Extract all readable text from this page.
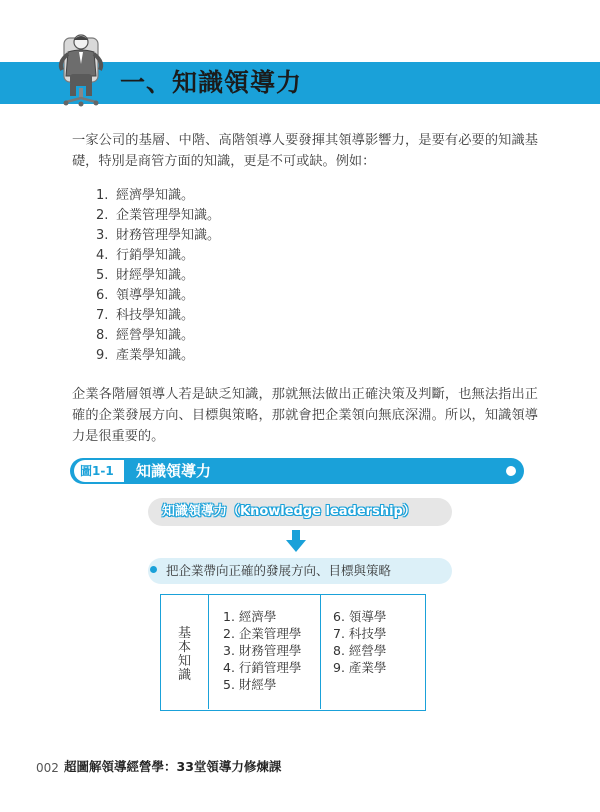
一、知識領導力

一家公司的基層、中階、高階領導人要發揮其領導影響力，是要有必要的知識基礎，特別是商管方面的知識，更是不可或缺。例如：

1. 經濟學知識。
2. 企業管理學知識。
3. 財務管理學知識。
4. 行銷學知識。
5. 財經學知識。
6. 領導學知識。
7. 科技學知識。
8. 經營學知識。
9. 產業學知識。

企業各階層領導人若是缺乏知識，那就無法做出正確決策及判斷，也無法指出正確的企業發展方向、目標與策略，那就會把企業領向無底深淵。所以，知識領導力是很重要的。

圖1-1 知識領導力
知識領導力（Knowledge leadership）
把企業帶向正確的發展方向、目標與策略
基本知識
1. 經濟學
2. 企業管理學
3. 財務管理學
4. 行銷管理學
5. 財經學
6. 領導學
7. 科技學
8. 經營學
9. 產業學
002 超圖解領導經營學：33堂領導力修煉課
